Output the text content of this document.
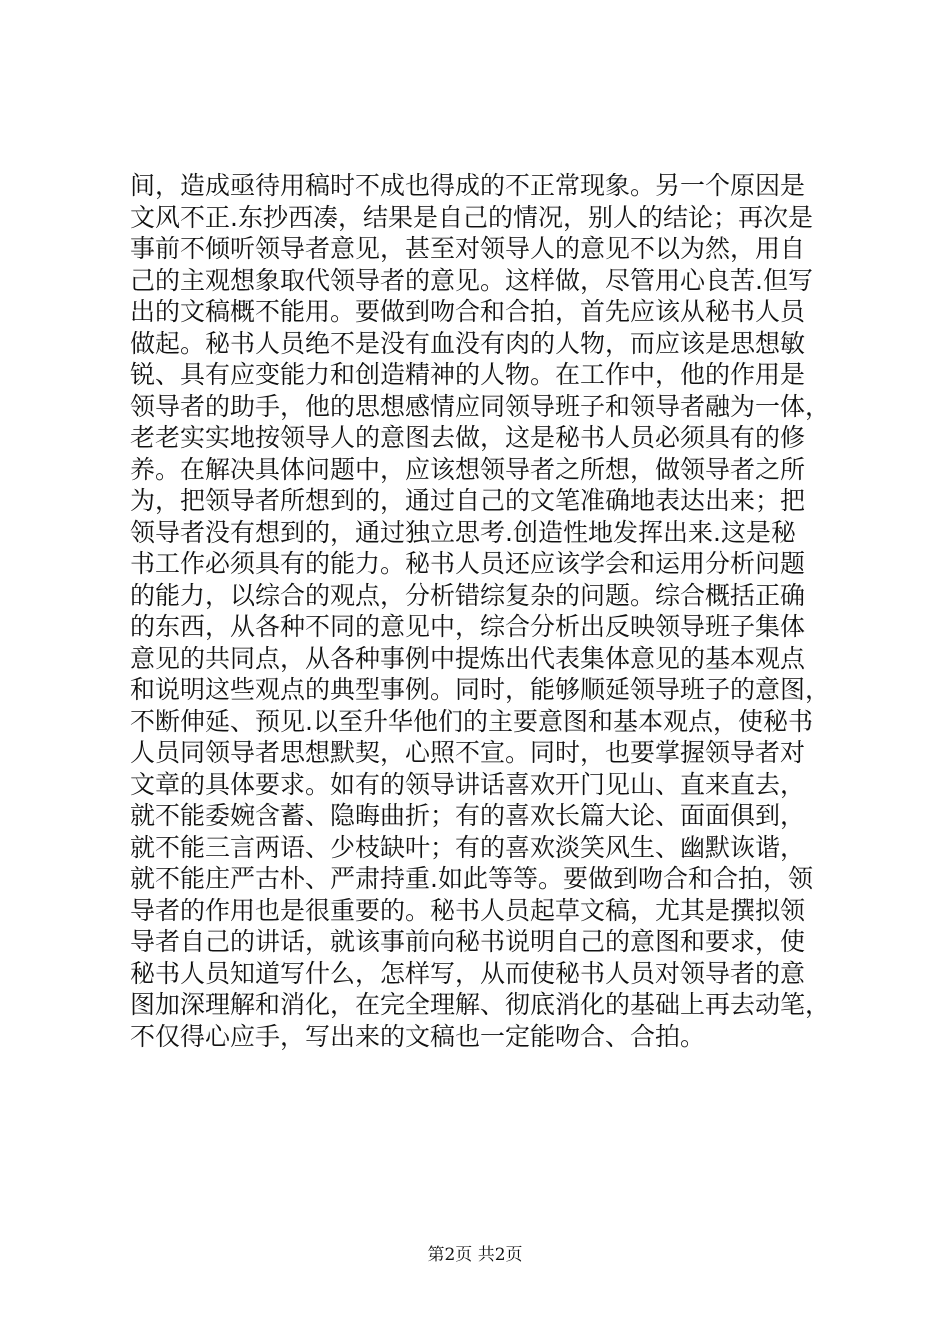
间，造成亟待用稿时不成也得成的不正常现象。另一个原因是
文风不正.东抄西凑，结果是自己的情况，别人的结论；再次是
事前不倾听领导者意见，甚至对领导人的意见不以为然，用自
己的主观想象取代领导者的意见。这样做，尽管用心良苦.但写
出的文稿概不能用。要做到吻合和合拍，首先应该从秘书人员
做起。秘书人员绝不是没有血没有肉的人物，而应该是思想敏
锐、具有应变能力和创造精神的人物。在工作中，他的作用是
领导者的助手，他的思想感情应同领导班子和领导者融为一体，
老老实实地按领导人的意图去做，这是秘书人员必须具有的修
养。在解决具体问题中，应该想领导者之所想，做领导者之所
为，把领导者所想到的，通过自己的文笔准确地表达出来；把
领导者没有想到的，通过独立思考.创造性地发挥出来.这是秘
书工作必须具有的能力。秘书人员还应该学会和运用分析问题
的能力，以综合的观点，分析错综复杂的问题。综合概括正确
的东西，从各种不同的意见中，综合分析出反映领导班子集体
意见的共同点，从各种事例中提炼出代表集体意见的基本观点
和说明这些观点的典型事例。同时，能够顺延领导班子的意图，
不断伸延、预见.以至升华他们的主要意图和基本观点，使秘书
人员同领导者思想默契，心照不宣。同时，也要掌握领导者对
文章的具体要求。如有的领导讲话喜欢开门见山、直来直去，
就不能委婉含蓄、隐晦曲折；有的喜欢长篇大论、面面俱到，
就不能三言两语、少枝缺叶；有的喜欢淡笑风生、幽默诙谐，
就不能庄严古朴、严肃持重.如此等等。要做到吻合和合拍，领
导者的作用也是很重要的。秘书人员起草文稿，尤其是撰拟领
导者自己的讲话，就该事前向秘书说明自己的意图和要求，使
秘书人员知道写什么，怎样写，从而使秘书人员对领导者的意
图加深理解和消化，在完全理解、彻底消化的基础上再去动笔，
不仅得心应手，写出来的文稿也一定能吻合、合拍。
第2页 共2页
